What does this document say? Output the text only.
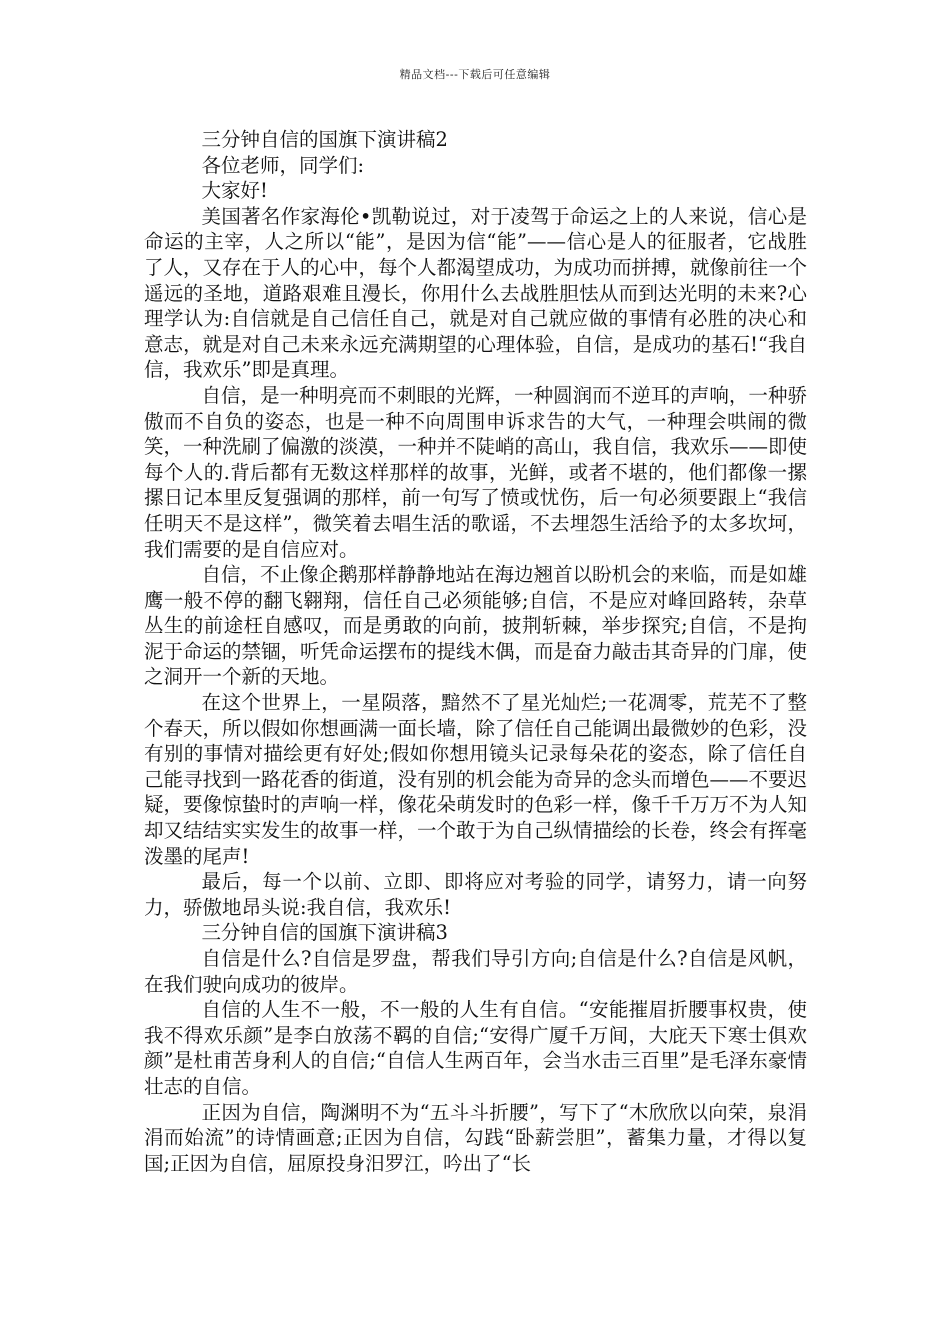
精品文档---下载后可任意编辑

三分钟自信的国旗下演讲稿2

各位老师，同学们:

大家好!

美国著名作家海伦•凯勒说过，对于凌驾于命运之上的人来说，信心是命运的主宰，人之所以“能”，是因为信“能”——信心是人的征服者，它战胜了人，又存在于人的心中，每个人都渴望成功，为成功而拼搏，就像前往一个遥远的圣地，道路艰难且漫长，你用什么去战胜胆怯从而到达光明的未来?心理学认为:自信就是自己信任自己，就是对自己就应做的事情有必胜的决心和意志，就是对自己未来永远充满期望的心理体验，自信，是成功的基石!“我自信，我欢乐”即是真理。

自信，是一种明亮而不刺眼的光辉，一种圆润而不逆耳的声响，一种骄傲而不自负的姿态，也是一种不向周围申诉求告的大气，一种理会哄闹的微笑，一种洗刷了偏激的淡漠，一种并不陡峭的高山，我自信，我欢乐——即使每个人的.背后都有无数这样那样的故事，光鲜，或者不堪的，他们都像一摞摞日记本里反复强调的那样，前一句写了愤或忧伤，后一句必须要跟上“我信任明天不是这样”，微笑着去唱生活的歌谣，不去埋怨生活给予的太多坎坷，我们需要的是自信应对。

自信，不止像企鹅那样静静地站在海边翘首以盼机会的来临，而是如雄鹰一般不停的翻飞翱翔，信任自己必须能够;自信，不是应对峰回路转，杂草丛生的前途枉自感叹，而是勇敢的向前，披荆斩棘，举步探究;自信，不是拘泥于命运的禁锢，听凭命运摆布的提线木偶，而是奋力敲击其奇异的门扉，使之洞开一个新的天地。

在这个世界上，一星陨落，黯然不了星光灿烂;一花凋零，荒芜不了整个春天，所以假如你想画满一面长墙，除了信任自己能调出最微妙的色彩，没有别的事情对描绘更有好处;假如你想用镜头记录每朵花的姿态，除了信任自己能寻找到一路花香的街道，没有别的机会能为奇异的念头而增色——不要迟疑，要像惊蛰时的声响一样，像花朵萌发时的色彩一样，像千千万万不为人知却又结结实实发生的故事一样，一个敢于为自己纵情描绘的长卷，终会有挥毫泼墨的尾声!

最后，每一个以前、立即、即将应对考验的同学，请努力，请一向努力，骄傲地昂头说:我自信，我欢乐!

三分钟自信的国旗下演讲稿3

自信是什么?自信是罗盘，帮我们导引方向;自信是什么?自信是风帆，在我们驶向成功的彼岸。

自信的人生不一般，不一般的人生有自信。“安能摧眉折腰事权贵，使我不得欢乐颜”是李白放荡不羁的自信;“安得广厦千万间，大庇天下寒士俱欢颜”是杜甫苦身利人的自信;“自信人生两百年，会当水击三百里”是毛泽东豪情壮志的自信。

正因为自信，陶渊明不为“五斗斗折腰”，写下了“木欣欣以向荣，泉涓涓而始流”的诗情画意;正因为自信，勾践“卧薪尝胆”，蓄集力量，才得以复国;正因为自信，屈原投身汨罗江，吟出了“长
